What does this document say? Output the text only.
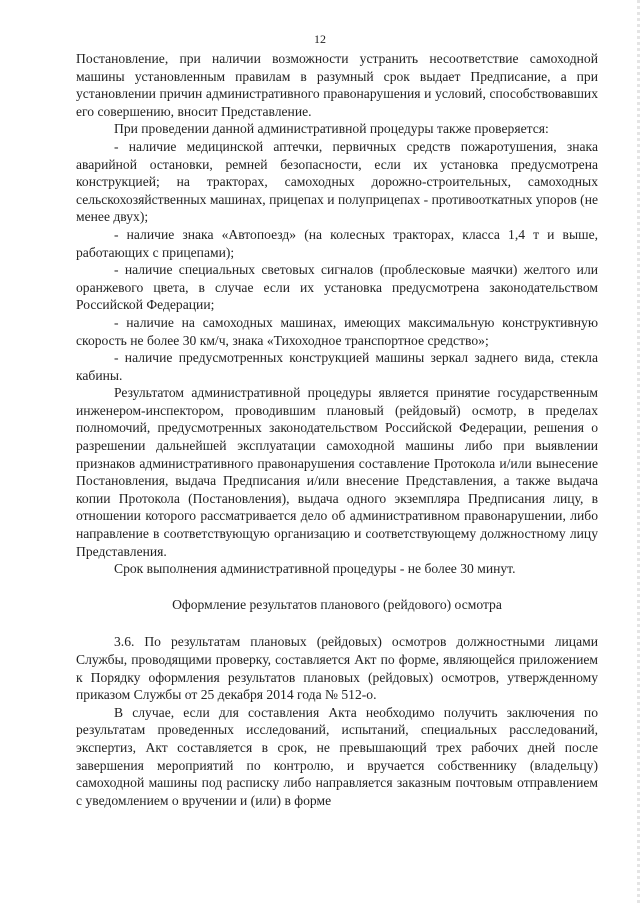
12

Постановление, при наличии возможности устранить несоответствие самоходной машины установленным правилам в разумный срок выдает Предписание, а при установлении причин административного правонарушения и условий, способствовавших его совершению, вносит Представление.

При проведении данной административной процедуры также проверяется:

- наличие медицинской аптечки, первичных средств пожаротушения, знака аварийной остановки, ремней безопасности, если их установка предусмотрена конструкцией; на тракторах, самоходных дорожно-строительных, самоходных сельскохозяйственных машинах, прицепах и полуприцепах - противооткатных упоров (не менее двух);

- наличие знака «Автопоезд» (на колесных тракторах, класса 1,4 т и выше, работающих с прицепами);

- наличие специальных световых сигналов (проблесковые маячки) желтого или оранжевого цвета, в случае если их установка предусмотрена законодательством Российской Федерации;

- наличие на самоходных машинах, имеющих максимальную конструктивную скорость не более 30 км/ч, знака «Тихоходное транспортное средство»;

- наличие предусмотренных конструкцией машины зеркал заднего вида, стекла кабины.

Результатом административной процедуры является принятие государственным инженером-инспектором, проводившим плановый (рейдовый) осмотр, в пределах полномочий, предусмотренных законодательством Российской Федерации, решения о разрешении дальнейшей эксплуатации самоходной машины либо при выявлении признаков административного правонарушения составление Протокола и/или вынесение Постановления, выдача Предписания и/или внесение Представления, а также выдача копии Протокола (Постановления), выдача одного экземпляра Предписания лицу, в отношении которого рассматривается дело об административном правонарушении, либо направление в соответствующую организацию и соответствующему должностному лицу Представления.

Срок выполнения административной процедуры - не более 30 минут.

Оформление результатов планового (рейдового) осмотра

3.6. По результатам плановых (рейдовых) осмотров должностными лицами Службы, проводящими проверку, составляется Акт по форме, являющейся приложением к Порядку оформления результатов плановых (рейдовых) осмотров, утвержденному приказом Службы от 25 декабря 2014 года № 512-о.

В случае, если для составления Акта необходимо получить заключения по результатам проведенных исследований, испытаний, специальных расследований, экспертиз, Акт составляется в срок, не превышающий трех рабочих дней после завершения мероприятий по контролю, и вручается собственнику (владельцу) самоходной машины под расписку либо направляется заказным почтовым отправлением с уведомлением о вручении и (или) в форме
